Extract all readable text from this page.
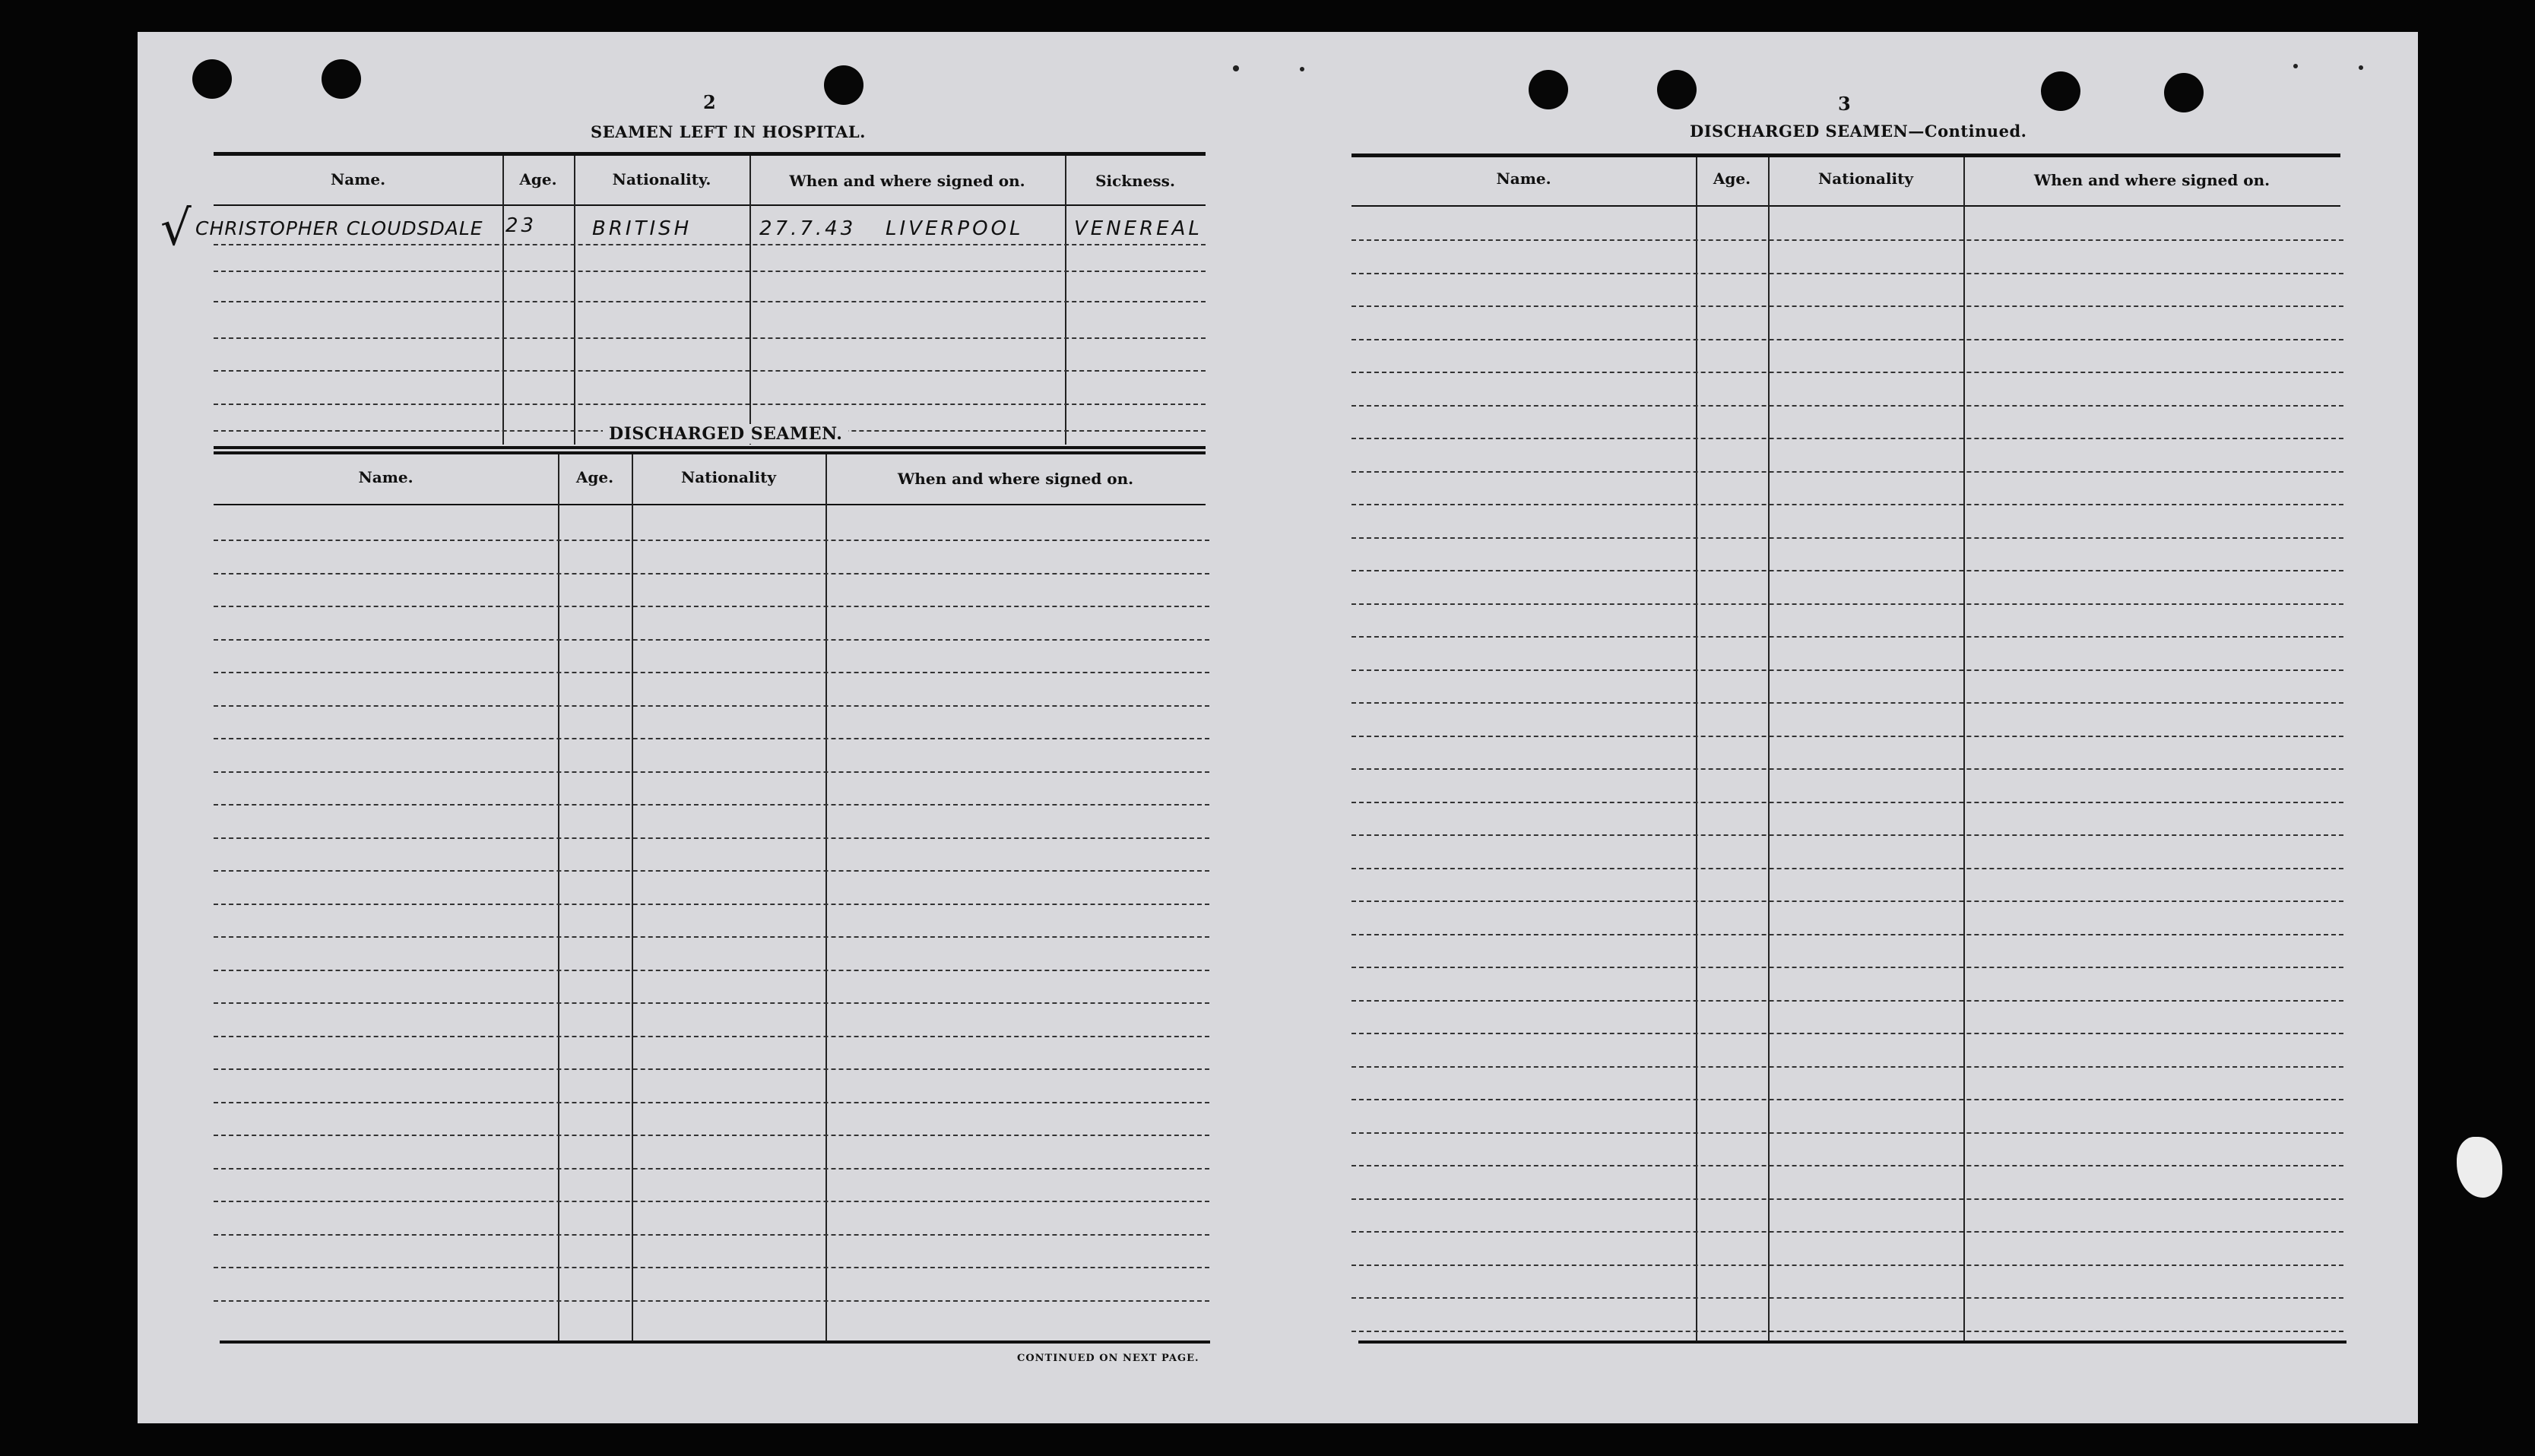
2
SEAMEN LEFT IN HOSPITAL.
Name.	Age.	Nationality.	When and where signed on.	Sickness.
√ CHRISTOPHER CLOUDSDALE 23	BRITISH	27.7.43 LIVERPOOL	VENEREAL
DISCHARGED SEAMEN.
Name.	Age.	Nationality	When and where signed on.
CONTINUED ON NEXT PAGE.
3
DISCHARGED SEAMEN—Continued.
Name.	Age.	Nationality	When and where signed on.
